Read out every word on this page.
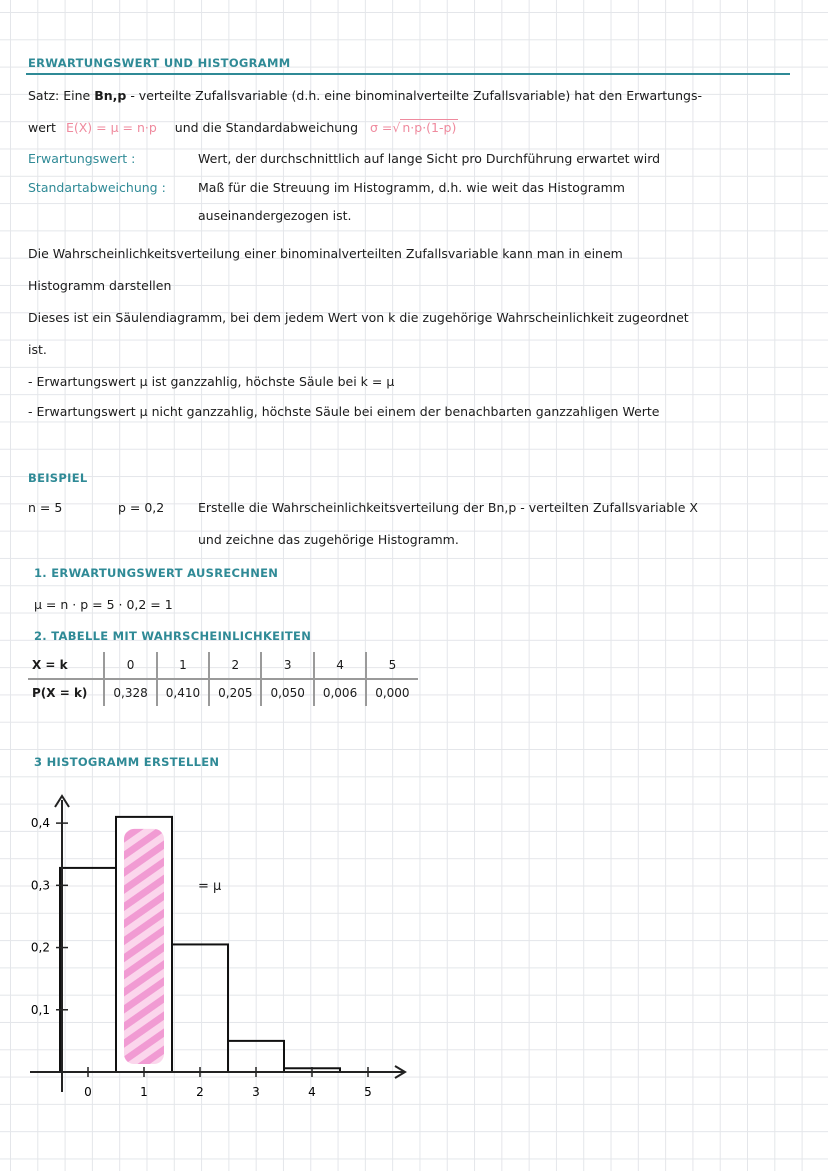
ERWARTUNGSWERT UND HISTOGRAMM
Satz: Eine Bn,p - verteilte Zufallsvariable (d.h. eine binominalverteilte Zufallsvariable) hat den Erwartungs-
wert E(X) = μ = n·p und die Standardabweichung σ =√ n·p·(1-p)
Erwartungswert :	Wert, der durchschnittlich auf lange Sicht pro Durchführung erwartet wird
Standartabweichung :	Maß für die Streuung im Histogramm, d.h. wie weit das Histogramm
auseinandergezogen ist.
Die Wahrscheinlichkeitsverteilung einer binominalverteilten Zufallsvariable kann man in einem
Histogramm darstellen
Dieses ist ein Säulendiagramm, bei dem jedem Wert von k die zugehörige Wahrscheinlichkeit zugeordnet
ist.
- Erwartungswert μ ist ganzzahlig, höchste Säule bei k = μ
- Erwartungswert μ nicht ganzzahlig, höchste Säule bei einem der benachbarten ganzzahligen Werte
BEISPIEL
n = 5	p = 0,2	Erstelle die Wahrscheinlichkeitsverteilung der Bn,p - verteilten Zufallsvariable X
und zeichne das zugehörige Histogramm.
1. ERWARTUNGSWERT AUSRECHNEN
μ = n · p = 5 · 0,2 = 1
2. TABELLE MIT WAHRSCHEINLICHKEITEN
X = k	0	1	2	3	4	5
P(X = k)	0,328	0,410	0,205	0,050	0,006	0,000
3 HISTOGRAMM ERSTELLEN
0,1
0,2
0,3
0,4
0	1	2	3	4	5
= μ
